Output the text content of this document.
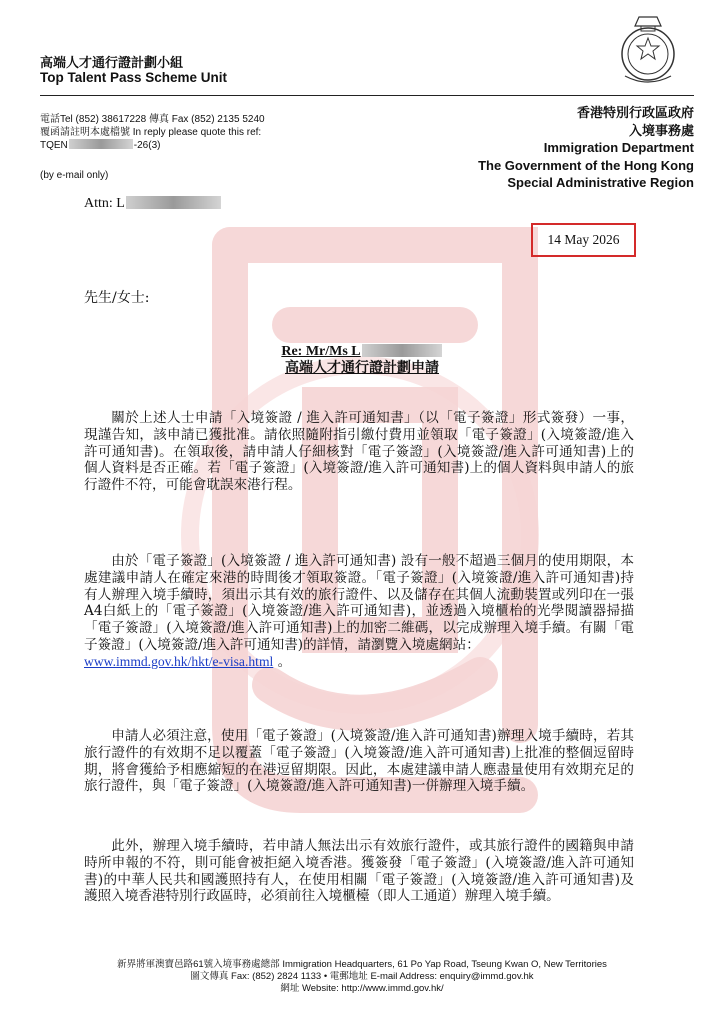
高端人才通行證計劃小組
Top Talent Pass Scheme Unit
電話Tel (852) 38617228 傳真 Fax (852) 2135 5240
覆函請註明本處檔號 In reply please quote this ref:
TQEN	-26(3)
(by e-mail only)
香港特別行政區政府
入境事務處
Immigration Department
The Government of the Hong Kong
Special Administrative Region
Attn: L
14 May 2026
先生/女士:
Re: Mr/Ms L
高端人才通行證計劃申請
關於上述人士申請「入境簽證 / 進入許可通知書」（以「電子簽證」形式簽發）一事，現謹告知，該申請已獲批准。請依照隨附指引繳付費用並領取「電子簽證」(入境簽證/進入許可通知書)。在領取後，請申請人仔細核對「電子簽證」(入境簽證/進入許可通知書)上的個人資料是否正確。若「電子簽證」(入境簽證/進入許可通知書)上的個人資料與申請人的旅行證件不符，可能會耽誤來港行程。
由於「電子簽證」(入境簽證 / 進入許可通知書) 設有一般不超過三個月的使用期限，本處建議申請人在確定來港的時間後才領取簽證。「電子簽證」(入境簽證/進入許可通知書)持有人辦理入境手續時，須出示其有效的旅行證件、以及儲存在其個人流動裝置或列印在一張A4白紙上的「電子簽證」(入境簽證/進入許可通知書)，並透過入境櫃枱的光學閱讀器掃描「電子簽證」(入境簽證/進入許可通知書)上的加密二維碼，以完成辦理入境手續。有關「電子簽證」(入境簽證/進入許可通知書)的詳情，請瀏覽入境處網站：
www.immd.gov.hk/hkt/e-visa.html 。
申請人必須注意，使用「電子簽證」(入境簽證/進入許可通知書)辦理入境手續時，若其旅行證件的有效期不足以覆蓋「電子簽證」(入境簽證/進入許可通知書)上批准的整個逗留時期，將會獲給予相應縮短的在港逗留期限。因此，本處建議申請人應盡量使用有效期充足的旅行證件，與「電子簽證」(入境簽證/進入許可通知書)一併辦理入境手續。
此外，辦理入境手續時，若申請人無法出示有效旅行證件，或其旅行證件的國籍與申請時所申報的不符，則可能會被拒絕入境香港。獲簽發「電子簽證」(入境簽證/進入許可通知書)的中華人民共和國護照持有人，在使用相關「電子簽證」(入境簽證/進入許可通知書)及護照入境香港特別行政區時，必須前往入境櫃檯（即人工通道）辦理入境手續。
新界將軍澳寶邑路61號入境事務處總部 Immigration Headquarters, 61 Po Yap Road, Tseung Kwan O, New Territories
圖文傳真 Fax: (852) 2824 1133 • 電郵地址 E-mail Address: enquiry@immd.gov.hk
網址 Website: http://www.immd.gov.hk/
